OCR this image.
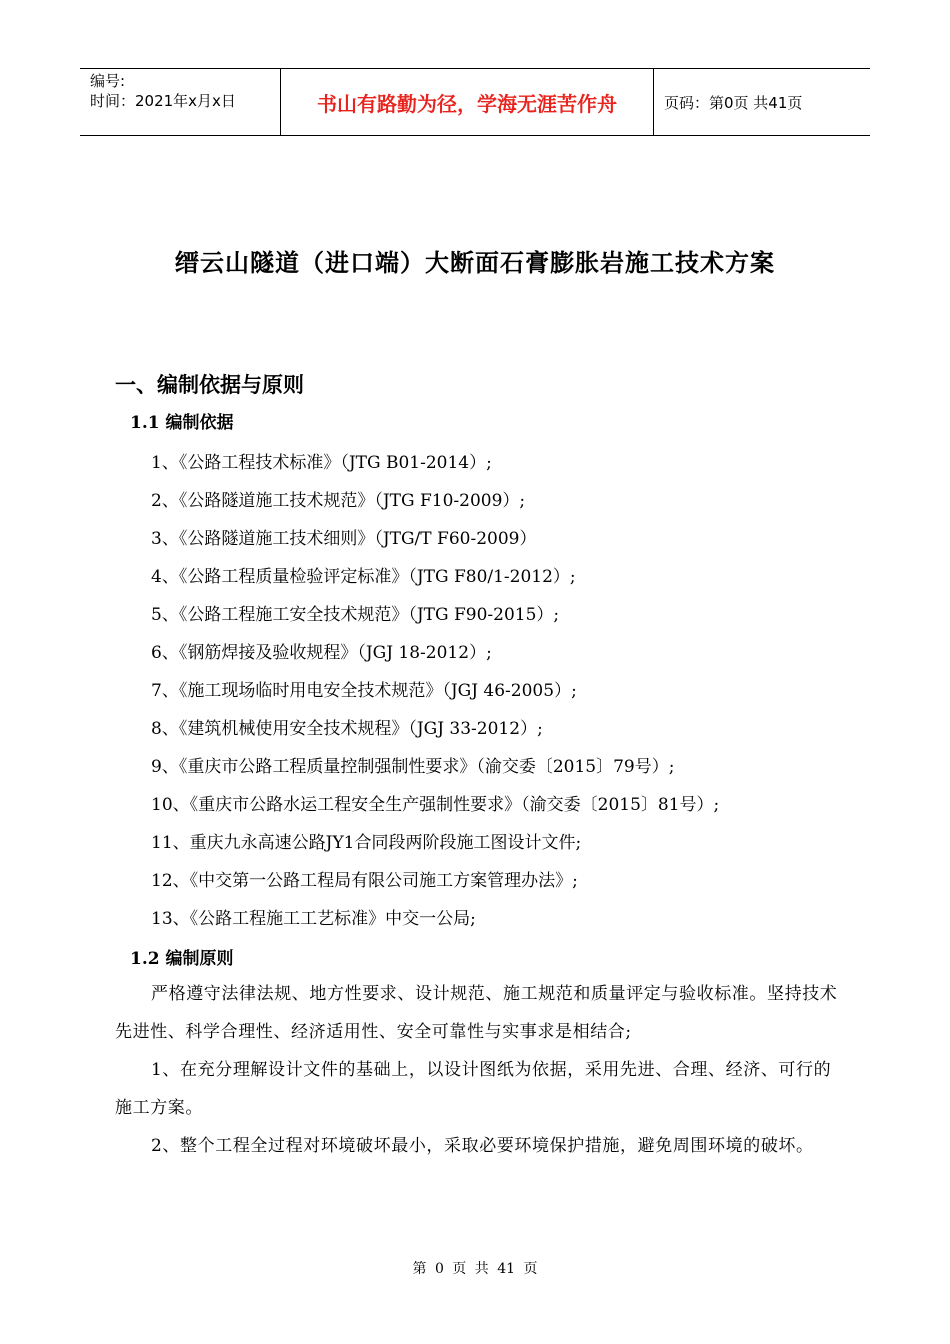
编号:
时间：2021年x月x日	书山有路勤为径，学海无涯苦作舟	页码：第0页 共41页
缙云山隧道（进口端）大断面石膏膨胀岩施工技术方案
一、编制依据与原则
1.1 编制依据
1、《公路工程技术标准》（JTG B01-2014）;
2、《公路隧道施工技术规范》（JTG F10-2009）;
3、《公路隧道施工技术细则》（JTG/T F60-2009）
4、《公路工程质量检验评定标准》（JTG F80/1-2012）;
5、《公路工程施工安全技术规范》（JTG F90-2015）;
6、《钢筋焊接及验收规程》（JGJ 18-2012）;
7、《施工现场临时用电安全技术规范》（JGJ 46-2005）;
8、《建筑机械使用安全技术规程》（JGJ 33-2012）;
9、《重庆市公路工程质量控制强制性要求》（渝交委〔2015〕79号）;
10、《重庆市公路水运工程安全生产强制性要求》（渝交委〔2015〕81号）;
11、重庆九永高速公路JY1合同段两阶段施工图设计文件;
12、《中交第一公路工程局有限公司施工方案管理办法》;
13、《公路工程施工工艺标准》中交一公局;
1.2 编制原则
严格遵守法律法规、地方性要求、设计规范、施工规范和质量评定与验收标准。坚持技术先进性、科学合理性、经济适用性、安全可靠性与实事求是相结合;
1、在充分理解设计文件的基础上，以设计图纸为依据，采用先进、合理、经济、可行的施工方案。
2、整个工程全过程对环境破坏最小，采取必要环境保护措施，避免周围环境的破坏。
第 0 页 共 41 页
